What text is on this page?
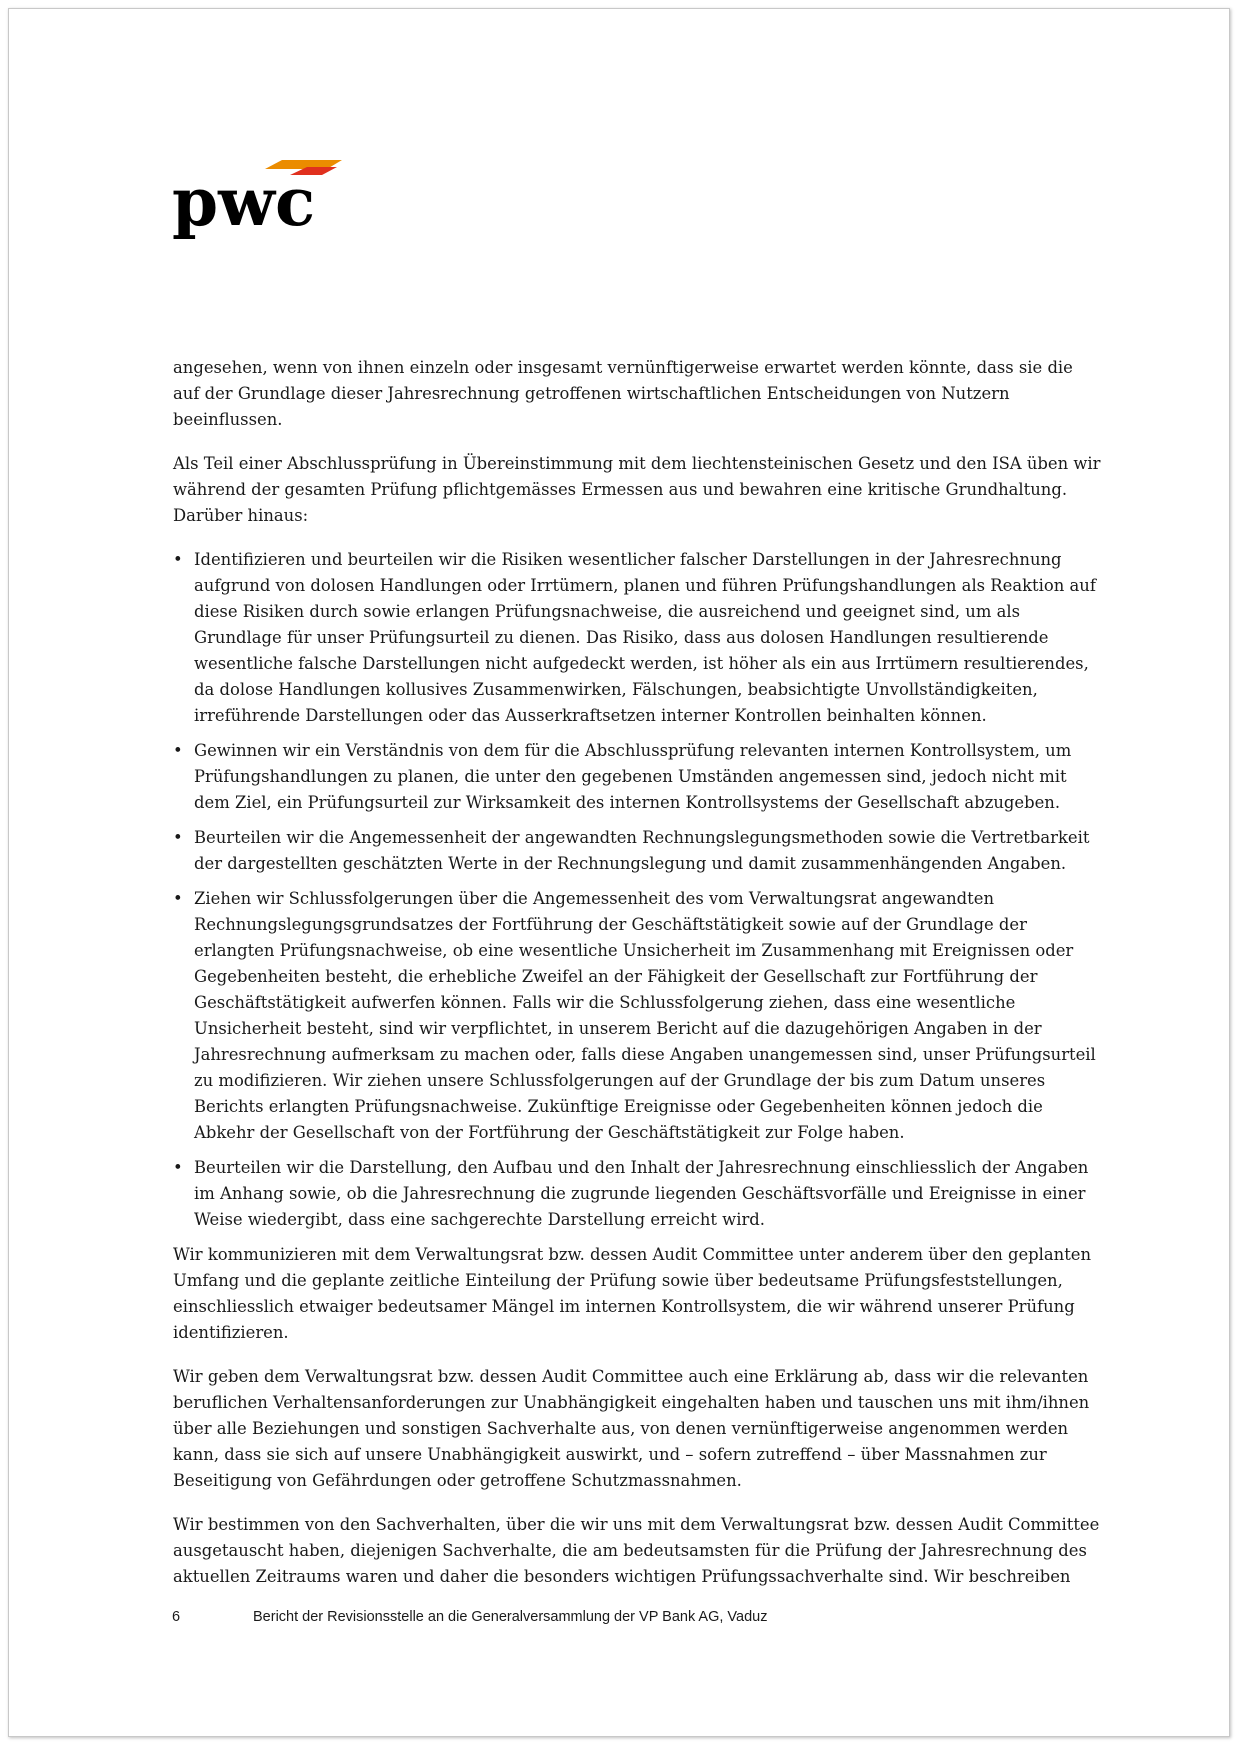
pwc

angesehen, wenn von ihnen einzeln oder insgesamt vernünftigerweise erwartet werden könnte, dass sie die auf der Grundlage dieser Jahresrechnung getroffenen wirtschaftlichen Entscheidungen von Nutzern beeinflussen.

Als Teil einer Abschlussprüfung in Übereinstimmung mit dem liechtensteinischen Gesetz und den ISA üben wir während der gesamten Prüfung pflichtgemässes Ermessen aus und bewahren eine kritische Grundhaltung. Darüber hinaus:

• Identifizieren und beurteilen wir die Risiken wesentlicher falscher Darstellungen in der Jahresrechnung aufgrund von dolosen Handlungen oder Irrtümern, planen und führen Prüfungshandlungen als Reaktion auf diese Risiken durch sowie erlangen Prüfungsnachweise, die ausreichend und geeignet sind, um als Grundlage für unser Prüfungsurteil zu dienen. Das Risiko, dass aus dolosen Handlungen resultierende wesentliche falsche Darstellungen nicht aufgedeckt werden, ist höher als ein aus Irrtümern resultierendes, da dolose Handlungen kollusives Zusammenwirken, Fälschungen, beabsichtigte Unvollständigkeiten, irreführende Darstellungen oder das Ausserkraftsetzen interner Kontrollen beinhalten können.
• Gewinnen wir ein Verständnis von dem für die Abschlussprüfung relevanten internen Kontrollsystem, um Prüfungshandlungen zu planen, die unter den gegebenen Umständen angemessen sind, jedoch nicht mit dem Ziel, ein Prüfungsurteil zur Wirksamkeit des internen Kontrollsystems der Gesellschaft abzugeben.
• Beurteilen wir die Angemessenheit der angewandten Rechnungslegungsmethoden sowie die Vertretbarkeit der dargestellten geschätzten Werte in der Rechnungslegung und damit zusammenhängenden Angaben.
• Ziehen wir Schlussfolgerungen über die Angemessenheit des vom Verwaltungsrat angewandten Rechnungslegungsgrundsatzes der Fortführung der Geschäftstätigkeit sowie auf der Grundlage der erlangten Prüfungsnachweise, ob eine wesentliche Unsicherheit im Zusammenhang mit Ereignissen oder Gegebenheiten besteht, die erhebliche Zweifel an der Fähigkeit der Gesellschaft zur Fortführung der Geschäftstätigkeit aufwerfen können. Falls wir die Schlussfolgerung ziehen, dass eine wesentliche Unsicherheit besteht, sind wir verpflichtet, in unserem Bericht auf die dazugehörigen Angaben in der Jahresrechnung aufmerksam zu machen oder, falls diese Angaben unangemessen sind, unser Prüfungsurteil zu modifizieren. Wir ziehen unsere Schlussfolgerungen auf der Grundlage der bis zum Datum unseres Berichts erlangten Prüfungsnachweise. Zukünftige Ereignisse oder Gegebenheiten können jedoch die Abkehr der Gesellschaft von der Fortführung der Geschäftstätigkeit zur Folge haben.
• Beurteilen wir die Darstellung, den Aufbau und den Inhalt der Jahresrechnung einschliesslich der Angaben im Anhang sowie, ob die Jahresrechnung die zugrunde liegenden Geschäftsvorfälle und Ereignisse in einer Weise wiedergibt, dass eine sachgerechte Darstellung erreicht wird.

Wir kommunizieren mit dem Verwaltungsrat bzw. dessen Audit Committee unter anderem über den geplanten Umfang und die geplante zeitliche Einteilung der Prüfung sowie über bedeutsame Prüfungsfeststellungen, einschliesslich etwaiger bedeutsamer Mängel im internen Kontrollsystem, die wir während unserer Prüfung identifizieren.

Wir geben dem Verwaltungsrat bzw. dessen Audit Committee auch eine Erklärung ab, dass wir die relevanten beruflichen Verhaltensanforderungen zur Unabhängigkeit eingehalten haben und tauschen uns mit ihm/ihnen über alle Beziehungen und sonstigen Sachverhalte aus, von denen vernünftigerweise angenommen werden kann, dass sie sich auf unsere Unabhängigkeit auswirkt, und – sofern zutreffend – über Massnahmen zur Beseitigung von Gefährdungen oder getroffene Schutzmassnahmen.

Wir bestimmen von den Sachverhalten, über die wir uns mit dem Verwaltungsrat bzw. dessen Audit Committee ausgetauscht haben, diejenigen Sachverhalte, die am bedeutsamsten für die Prüfung der Jahresrechnung des aktuellen Zeitraums waren und daher die besonders wichtigen Prüfungssachverhalte sind. Wir beschreiben

6	Bericht der Revisionsstelle an die Generalversammlung der VP Bank AG, Vaduz
